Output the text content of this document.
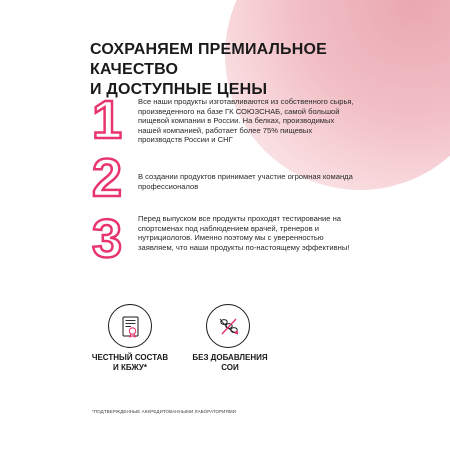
СОХРАНЯЕМ ПРЕМИАЛЬНОЕ КАЧЕСТВО
И ДОСТУПНЫЕ ЦЕНЫ
1	Все наши продукты изготавливаются из собственного сырья, произведенного на базе ГК СОЮЗСНАБ, самой большой пищевой компании в России. На белках, производимых нашей компанией, работает более 75% пищевых производств России и СНГ
2	В создании продуктов принимает участие огромная команда профессионалов
3	Перед выпуском все продукты проходят тестирование на спортсменах под наблюдением врачей, тренеров и нутрициологов. Именно поэтому мы с уверенностью заявляем, что наши продукты по-настоящему эффективны!
ЧЕСТНЫЙ СОСТАВ
И КБЖУ*
БЕЗ ДОБАВЛЕНИЯ
СОИ
*ПОДТВЕРЖДЕННЫЕ АККРЕДИТОВАННЫМИ ЛАБОРАТОРИЯМИ
